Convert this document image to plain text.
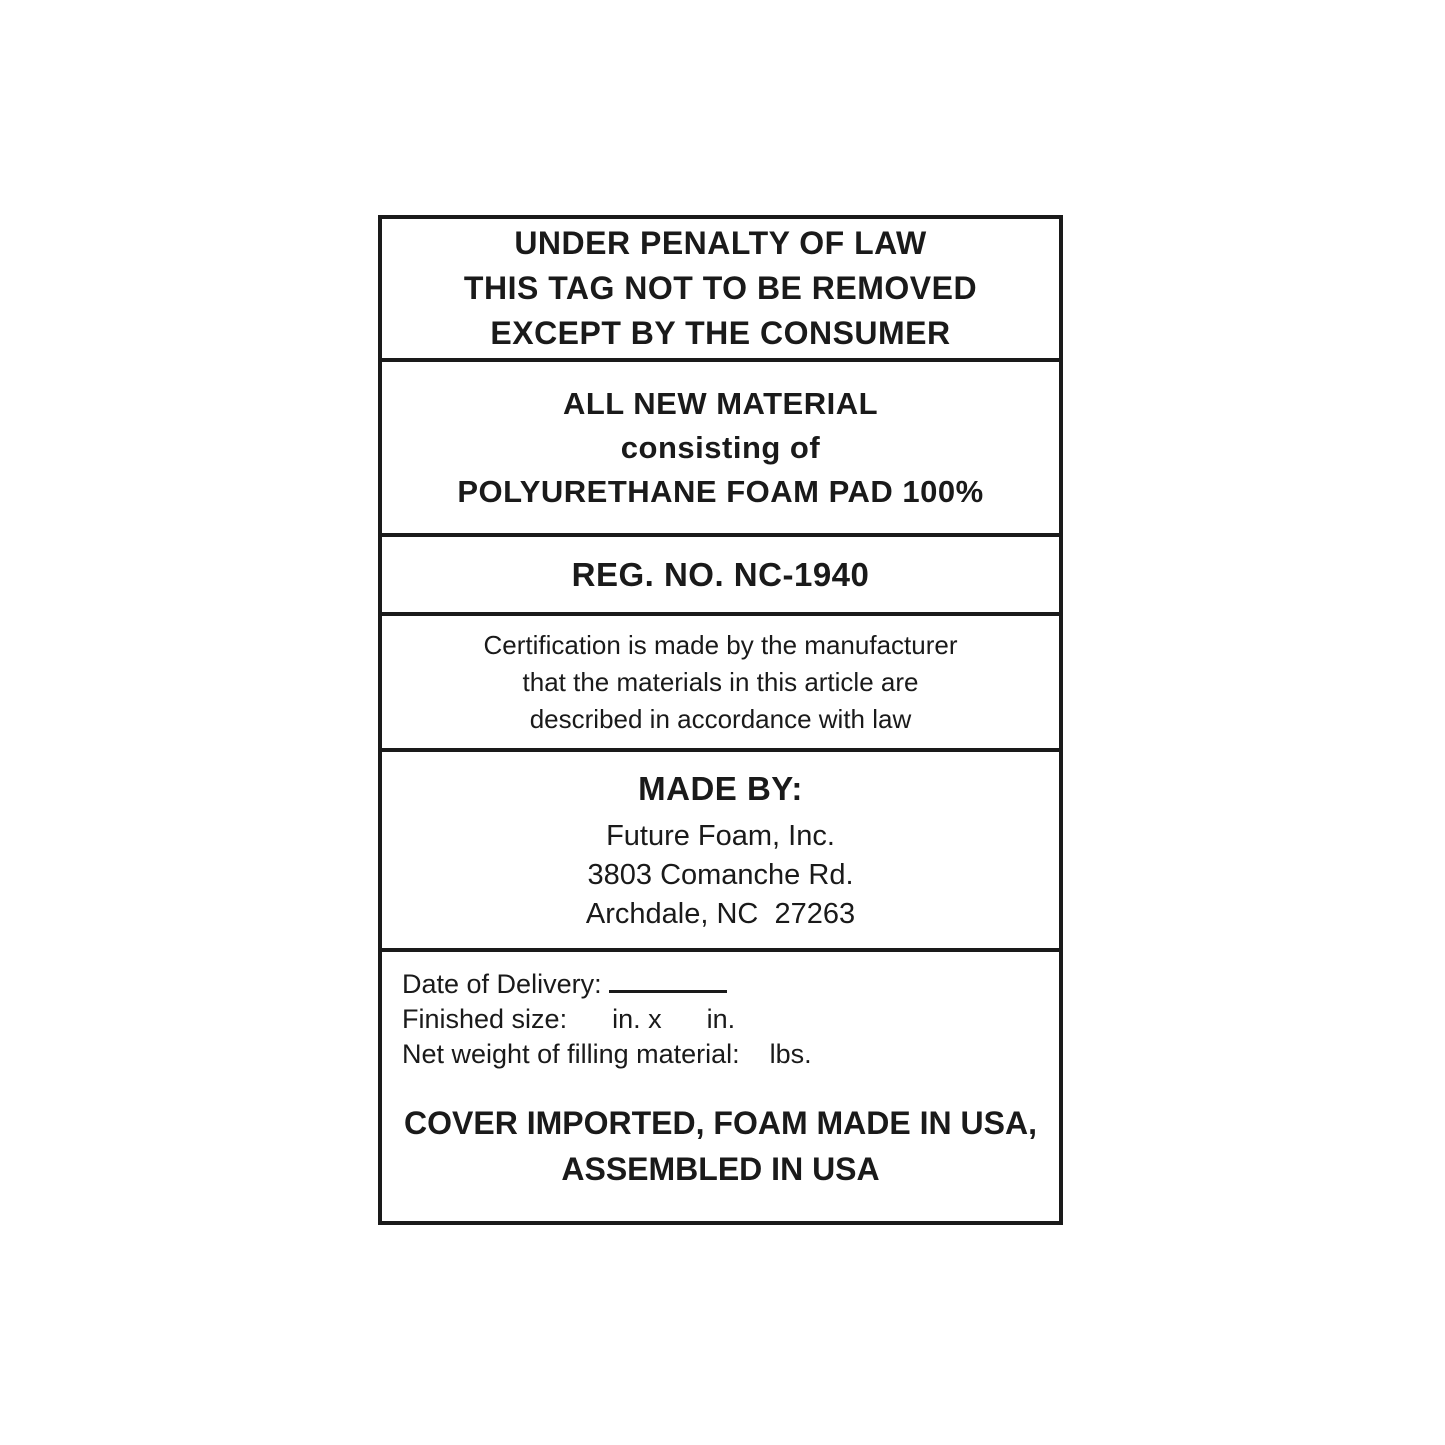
UNDER PENALTY OF LAW
THIS TAG NOT TO BE REMOVED
EXCEPT BY THE CONSUMER
ALL NEW MATERIAL
consisting of
POLYURETHANE FOAM PAD 100%
REG. NO. NC-1940
Certification is made by the manufacturer
that the materials in this article are
described in accordance with law
MADE BY:
Future Foam, Inc.
3803 Comanche Rd.
Archdale, NC  27263
Date of Delivery:
Finished size:      in. x      in.
Net weight of filling material:    lbs.
COVER IMPORTED, FOAM MADE IN USA,
ASSEMBLED IN USA
